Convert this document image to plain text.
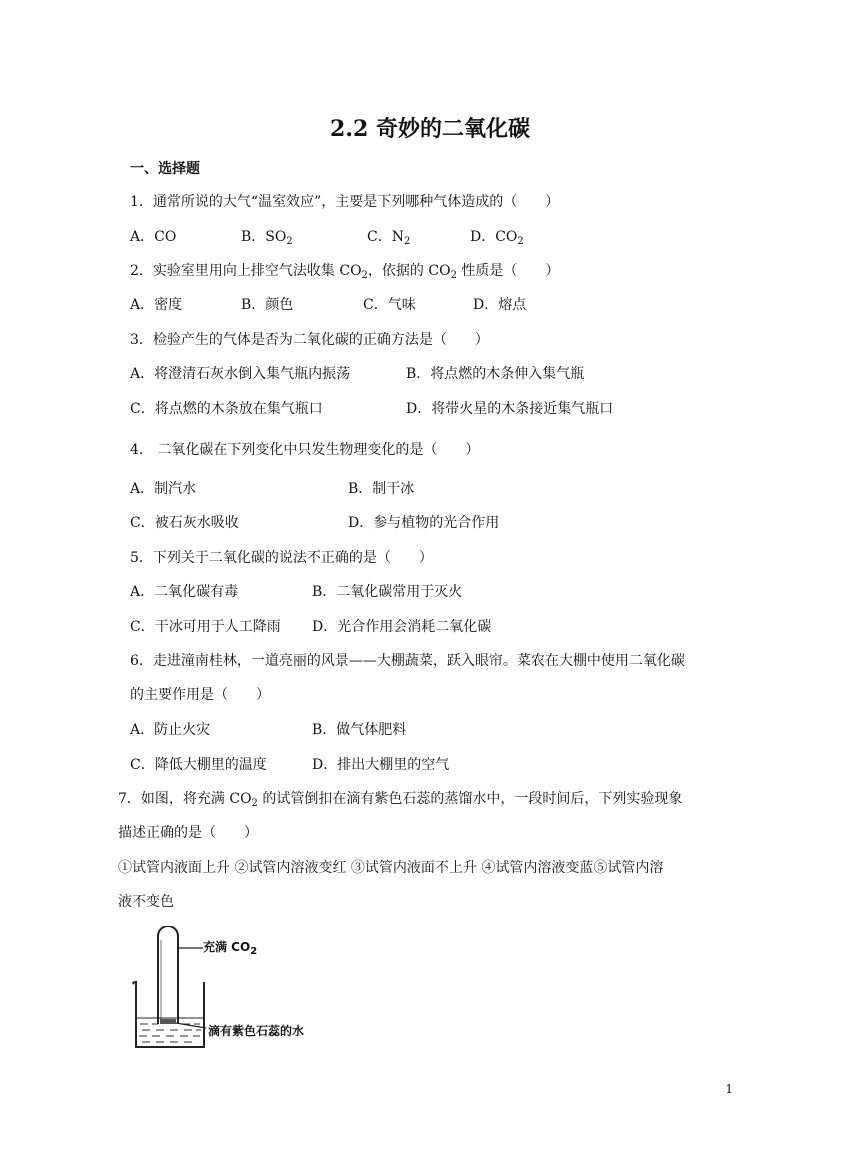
2.2 奇妙的二氧化碳
一、选择题
1．通常所说的大气“温室效应”，主要是下列哪种气体造成的（　　）
A．CO	B．$SO_2$	C．$N_2$	D．$CO_2$
2．实验室里用向上排空气法收集 $CO_2$，依据的 $CO_2$ 性质是（　　）
A．密度	B．颜色	C．气味	D．熔点
3．检验产生的气体是否为二氧化碳的正确方法是（　　）
A．将澄清石灰水倒入集气瓶内振荡	B．将点燃的木条伸入集气瓶
C．将点燃的木条放在集气瓶口	D．将带火星的木条接近集气瓶口
4． 二氧化碳在下列变化中只发生物理变化的是（　　）
A．制汽水	B．制干冰
C．被石灰水吸收	D．参与植物的光合作用
5．下列关于二氧化碳的说法不正确的是（　　）
A．二氧化碳有毒	B．二氧化碳常用于灭火
C．干冰可用于人工降雨 D．光合作用会消耗二氧化碳
6．走进潼南桂林，一道亮丽的风景——大棚蔬菜，跃入眼帘。菜农在大棚中使用二氧化碳
的主要作用是（　　）
A．防止火灾	B．做气体肥料
C．降低大棚里的温度	D．排出大棚里的空气
7．如图，将充满 $CO_2$ 的试管倒扣在滴有紫色石蕊的蒸馏水中，一段时间后，下列实验现象
描述正确的是（　　）
①试管内液面上升 ②试管内溶液变红 ③试管内液面不上升 ④试管内溶液变蓝⑤试管内溶
液不变色
充满 $CO_2$
滴有紫色石蕊的水
1
